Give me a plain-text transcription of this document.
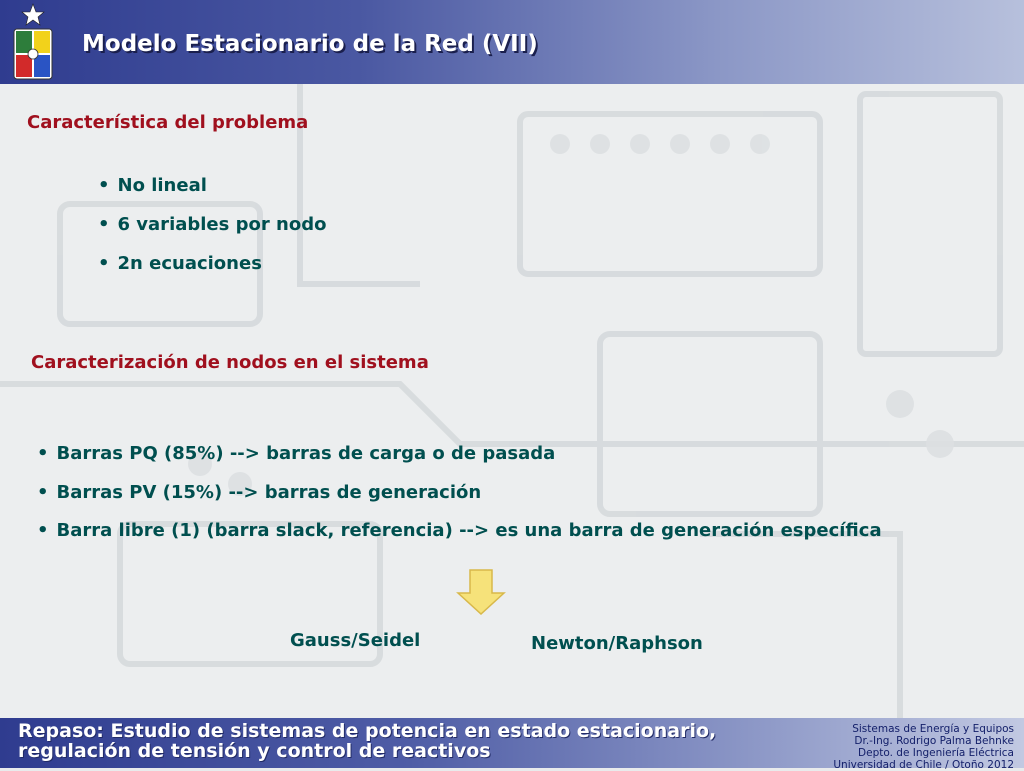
Modelo Estacionario de la Red (VII)
Característica del problema
• No lineal
• 6 variables por nodo
• 2n ecuaciones
Caracterización de nodos en el sistema
• Barras PQ (85%) --> barras de carga o de pasada
• Barras PV (15%) --> barras de generación
• Barra libre (1) (barra slack, referencia) --> es una barra de generación específica
Gauss/Seidel	Newton/Raphson
Repaso: Estudio de sistemas de potencia en estado estacionario,
regulación de tensión y control de reactivos
Sistemas de Energía y Equipos
Dr.-Ing. Rodrigo Palma Behnke
Depto. de Ingeniería Eléctrica
Universidad de Chile / Otoño 2012
